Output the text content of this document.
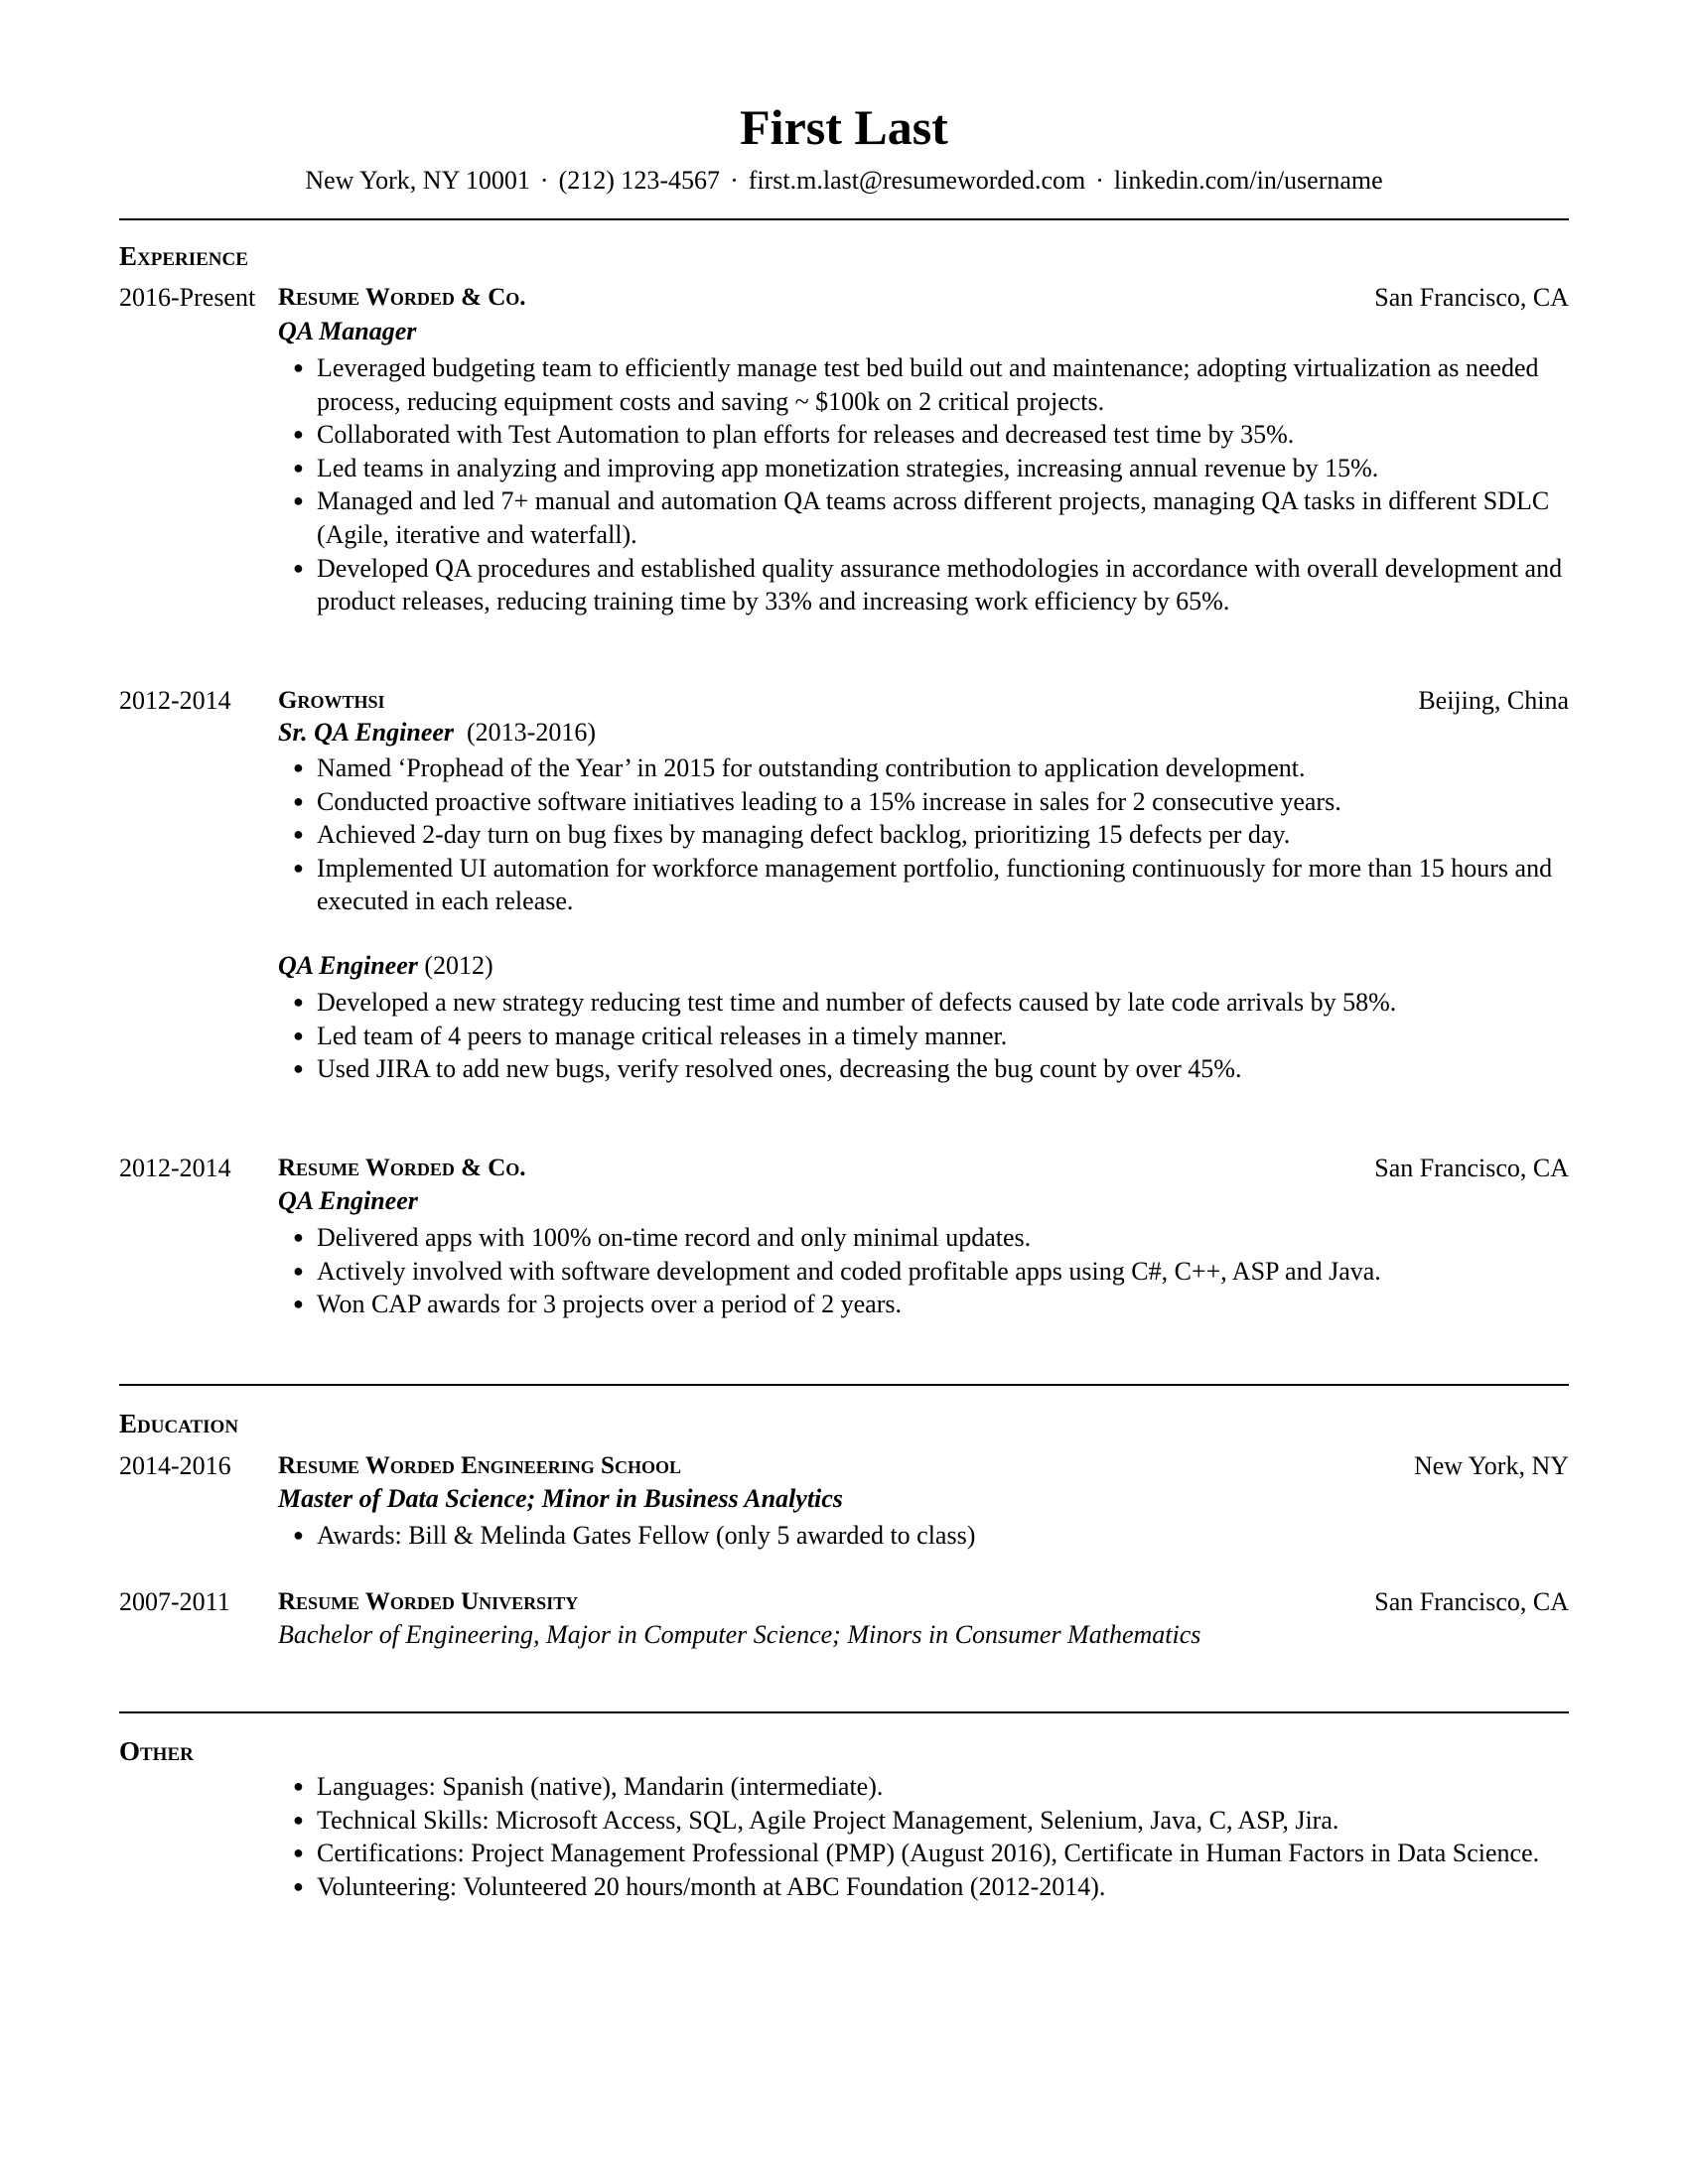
First Last
New York, NY 10001 · (212) 123-4567 · first.m.last@resumeworded.com · linkedin.com/in/username
Experience
2016-Present Resume Worded & Co.	San Francisco, CA
QA Manager
● Leveraged budgeting team to efficiently manage test bed build out and maintenance; adopting virtualization as needed process, reducing equipment costs and saving ~ $100k on 2 critical projects.
● Collaborated with Test Automation to plan efforts for releases and decreased test time by 35%.
● Led teams in analyzing and improving app monetization strategies, increasing annual revenue by 15%.
● Managed and led 7+ manual and automation QA teams across different projects, managing QA tasks in different SDLC (Agile, iterative and waterfall).
● Developed QA procedures and established quality assurance methodologies in accordance with overall development and product releases, reducing training time by 33% and increasing work efficiency by 65%.
2012-2014 Growthsi	Beijing, China
Sr. QA Engineer (2013-2016)
● Named ‘Prophead of the Year’ in 2015 for outstanding contribution to application development.
● Conducted proactive software initiatives leading to a 15% increase in sales for 2 consecutive years.
● Achieved 2-day turn on bug fixes by managing defect backlog, prioritizing 15 defects per day.
● Implemented UI automation for workforce management portfolio, functioning continuously for more than 15 hours and executed in each release.
QA Engineer (2012)
● Developed a new strategy reducing test time and number of defects caused by late code arrivals by 58%.
● Led team of 4 peers to manage critical releases in a timely manner.
● Used JIRA to add new bugs, verify resolved ones, decreasing the bug count by over 45%.
2012-2014 Resume Worded & Co.	San Francisco, CA
QA Engineer
● Delivered apps with 100% on-time record and only minimal updates.
● Actively involved with software development and coded profitable apps using C#, C++, ASP and Java.
● Won CAP awards for 3 projects over a period of 2 years.
Education
2014-2016 Resume Worded Engineering School	New York, NY
Master of Data Science; Minor in Business Analytics
● Awards: Bill & Melinda Gates Fellow (only 5 awarded to class)
2007-2011 Resume Worded University	San Francisco, CA
Bachelor of Engineering, Major in Computer Science; Minors in Consumer Mathematics
Other
● Languages: Spanish (native), Mandarin (intermediate).
● Technical Skills: Microsoft Access, SQL, Agile Project Management, Selenium, Java, C, ASP, Jira.
● Certifications: Project Management Professional (PMP) (August 2016), Certificate in Human Factors in Data Science.
● Volunteering: Volunteered 20 hours/month at ABC Foundation (2012-2014).
